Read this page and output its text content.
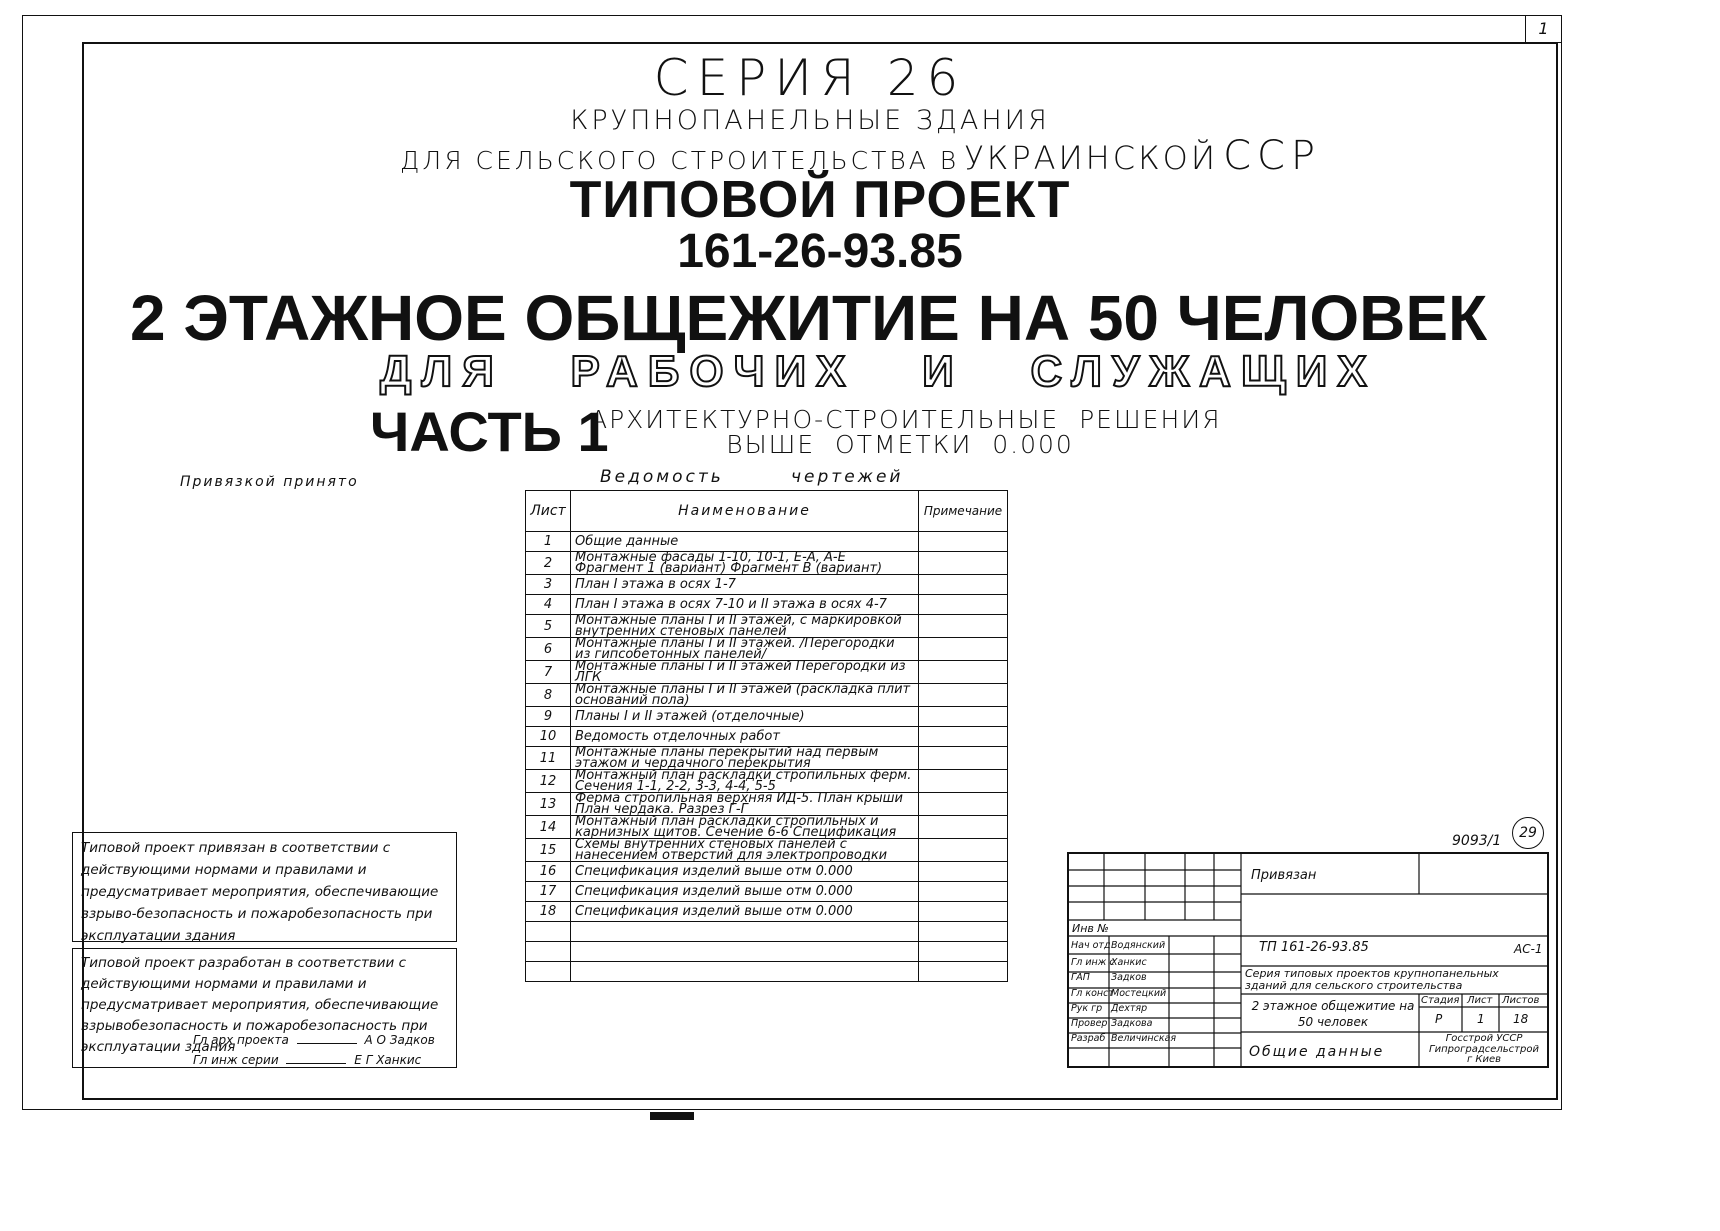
1
СЕРИЯ 26
КРУПНОПАНЕЛЬНЫЕ ЗДАНИЯ
ДЛЯ СЕЛЬСКОГО СТРОИТЕЛЬСТВА В УКРАИНСКОЙ ССР
ТИПОВОЙ ПРОЕКТ
161-26-93.85
2 ЭТАЖНОЕ ОБЩЕЖИТИЕ НА 50 ЧЕЛОВЕК
ДЛЯ   РАБОЧИХ   И   СЛУЖАЩИХ
ЧАСТЬ 1
АРХИТЕКТУРНО-СТРОИТЕЛЬНЫЕ  РЕШЕНИЯ
ВЫШЕ  ОТМЕТКИ  0.000
Привязкой принято	Ведомость        чертежей
Лист	Наименование	Примечание
1	Общие данные	
2	Монтажные фасады 1-10, 10-1, Е-А, А-Е Фрагмент 1 (вариант) Фрагмент В (вариант)	
3	План I этажа в осях 1-7	
4	План I этажа в осях 7-10 и II этажа в осях 4-7	
5	Монтажные планы I и II этажей, с маркировкой внутренних стеновых панелей	
6	Монтажные планы I и II этажей. /Перегородки из гипсобетонных панелей/	
7	Монтажные планы I и II этажей Перегородки из ЛГК	
8	Монтажные планы I и II этажей (раскладка плит оснований пола)	
9	Планы I и II этажей (отделочные)	
10	Ведомость отделочных работ	
11	Монтажные планы перекрытий над первым этажом и чердачного перекрытия	
12	Монтажный план раскладки стропильных ферм. Сечения 1-1, 2-2, 3-3, 4-4, 5-5	
13	Ферма стропильная верхняя ИД-5. План крыши План чердака. Разрез Г-Г	
14	Монтажный план раскладки стропильных и карнизных щитов. Сечение 6-6 Спецификация	
15	Схемы внутренних стеновых панелей с нанесением отверстий для электропроводки	
16	Спецификация изделий выше отм 0.000	
17	Спецификация изделий выше отм 0.000	
18	Спецификация изделий выше отм 0.000	

Типовой проект привязан в соответствии с действующими нормами и правилами и предусматривает мероприятия, обеспечивающие взрыво-безопасность и пожаробезопасность при эксплуатации здания
Типовой проект разработан в соответствии с действующими нормами и правилами и предусматривает мероприятия, обеспечивающие взрывобезопасность и пожаробезопасность при эксплуатации здания
Гл арх проекта	А О Задков
Гл инж серии	Е Г Ханкис
9093/1	29
Привязан
Инв №
ТП 161-26-93.85	АС-1
Серия типовых проектов крупнопанельных зданий для сельского строительства
2 этажное общежитие на 50 человек
Стадия Лист Листов
Р	1 18
Общие данные
Госстрой УССР
Гипроградсельстрой
г Киев
Нач отд Водянский
Гл инж с
Ханкис
ГАП Задков
Гл конст
Мостецкий
Рук гр Дехтяр
Провер Задкова
Разраб Величинская
